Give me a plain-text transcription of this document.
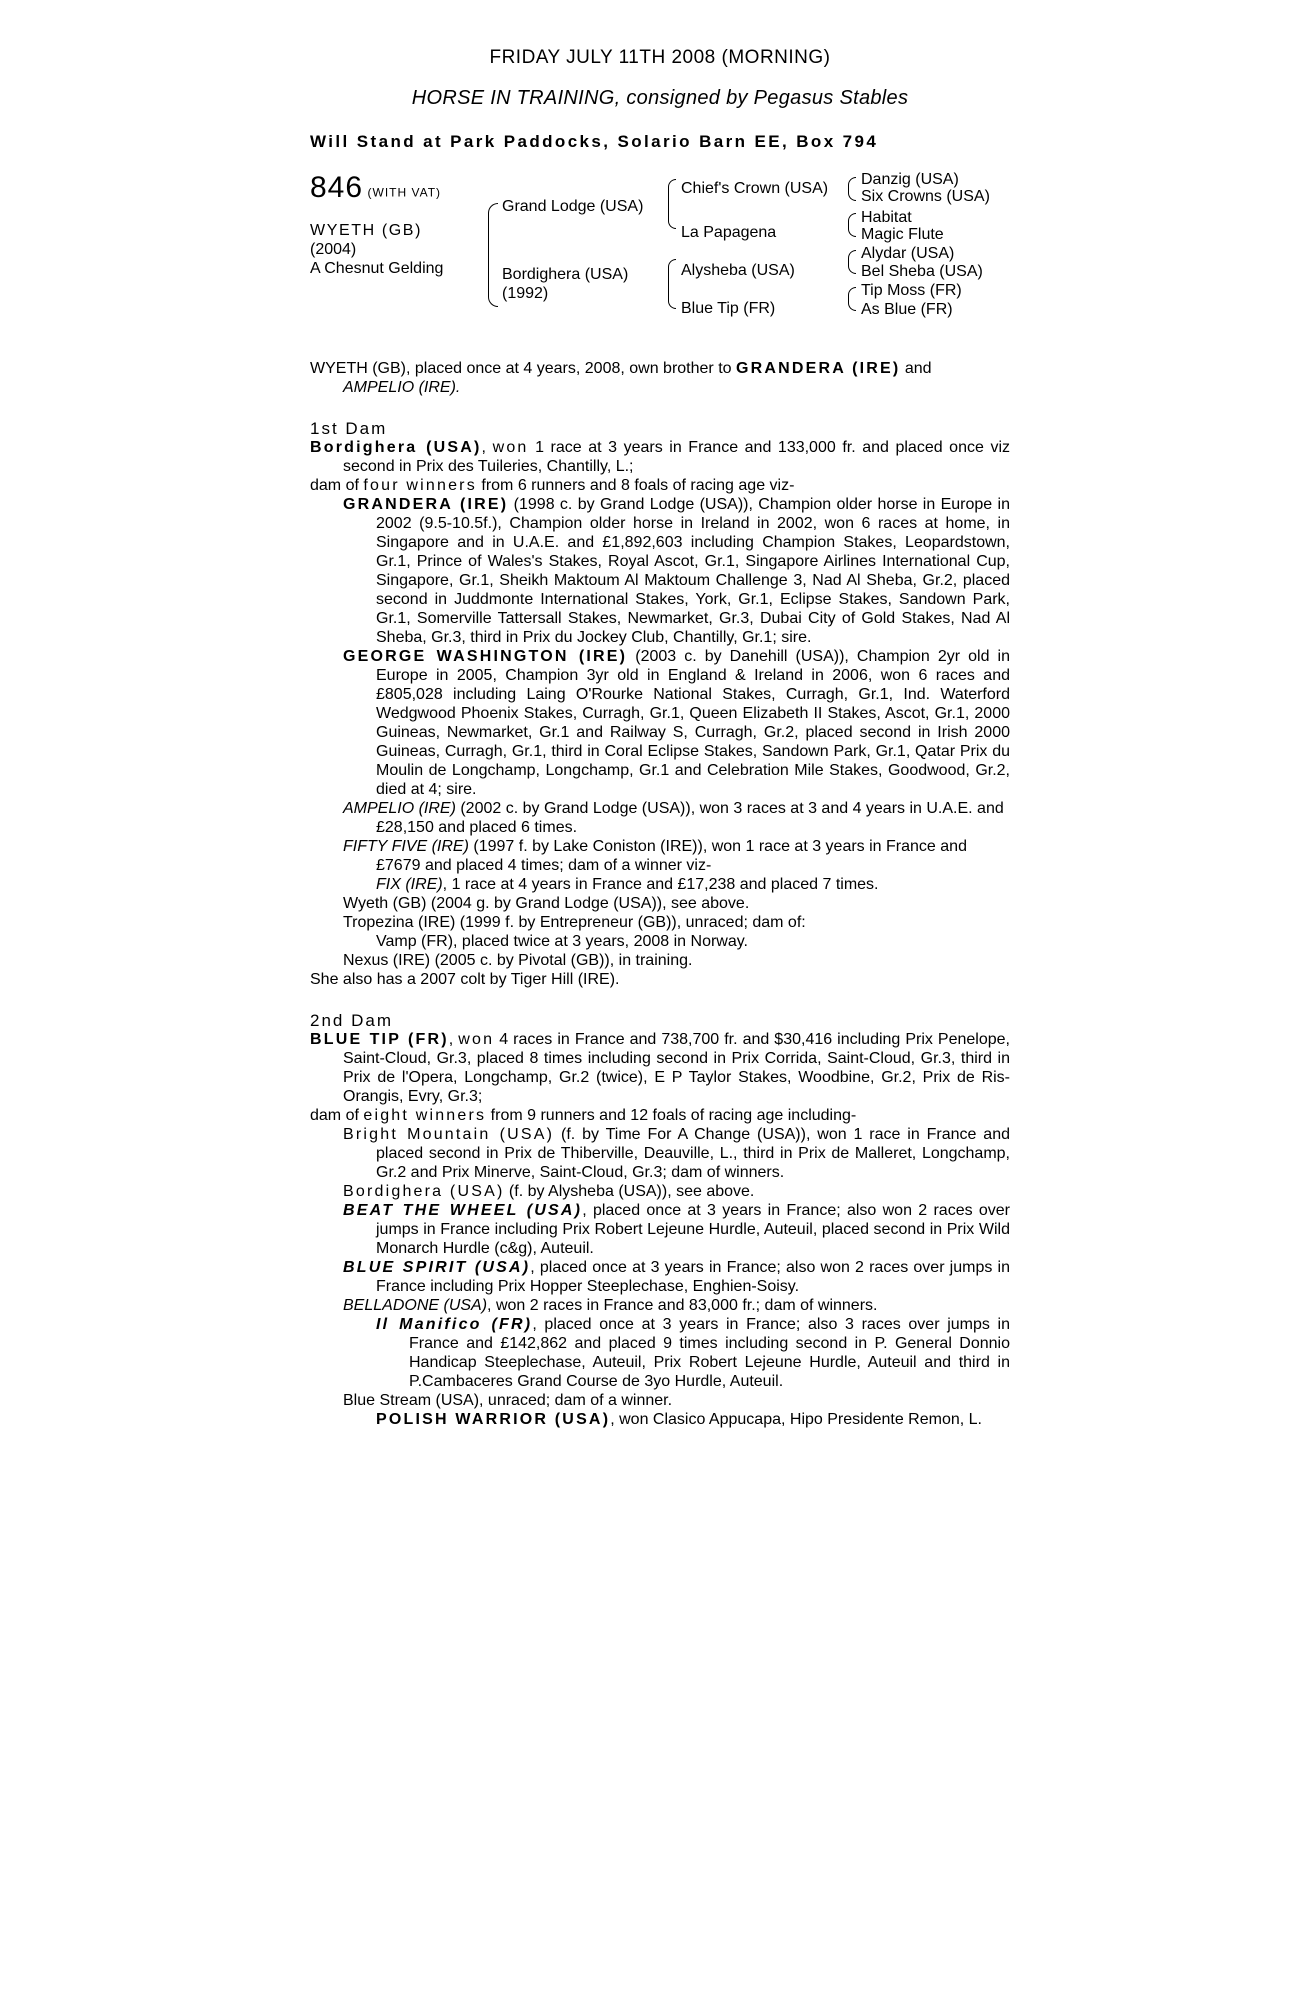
FRIDAY JULY 11TH 2008 (MORNING)
HORSE IN TRAINING, consigned by Pegasus Stables
Will Stand at Park Paddocks, Solario Barn EE, Box 794
846 (WITH VAT)
WYETH (GB)
(2004)
A Chesnut Gelding
Grand Lodge (USA)
Bordighera (USA)
(1992)
Chief's Crown (USA)
La Papagena
Alysheba (USA)
Blue Tip (FR)
Danzig (USA)
Six Crowns (USA)
Habitat
Magic Flute
Alydar (USA)
Bel Sheba (USA)
Tip Moss (FR)
As Blue (FR)
WYETH (GB), placed once at 4 years, 2008, own brother to GRANDERA (IRE) and
AMPELIO (IRE).
1st Dam
Bordighera (USA), won 1 race at 3 years in France and 133,000 fr. and placed once viz second in Prix des Tuileries, Chantilly, L.;
dam of four winners from 6 runners and 8 foals of racing age viz-
GRANDERA (IRE) (1998 c. by Grand Lodge (USA)), Champion older horse in Europe in 2002 (9.5-10.5f.), Champion older horse in Ireland in 2002, won 6 races at home, in Singapore and in U.A.E. and £1,892,603 including Champion Stakes, Leopardstown, Gr.1, Prince of Wales's Stakes, Royal Ascot, Gr.1, Singapore Airlines International Cup, Singapore, Gr.1, Sheikh Maktoum Al Maktoum Challenge 3, Nad Al Sheba, Gr.2, placed second in Juddmonte International Stakes, York, Gr.1, Eclipse Stakes, Sandown Park, Gr.1, Somerville Tattersall Stakes, Newmarket, Gr.3, Dubai City of Gold Stakes, Nad Al Sheba, Gr.3, third in Prix du Jockey Club, Chantilly, Gr.1; sire.
GEORGE WASHINGTON (IRE) (2003 c. by Danehill (USA)), Champion 2yr old in Europe in 2005, Champion 3yr old in England & Ireland in 2006, won 6 races and £805,028 including Laing O'Rourke National Stakes, Curragh, Gr.1, Ind. Waterford Wedgwood Phoenix Stakes, Curragh, Gr.1, Queen Elizabeth II Stakes, Ascot, Gr.1, 2000 Guineas, Newmarket, Gr.1 and Railway S, Curragh, Gr.2, placed second in Irish 2000 Guineas, Curragh, Gr.1, third in Coral Eclipse Stakes, Sandown Park, Gr.1, Qatar Prix du Moulin de Longchamp, Longchamp, Gr.1 and Celebration Mile Stakes, Goodwood, Gr.2, died at 4; sire.
AMPELIO (IRE) (2002 c. by Grand Lodge (USA)), won 3 races at 3 and 4 years in U.A.E. and £28,150 and placed 6 times.
FIFTY FIVE (IRE) (1997 f. by Lake Coniston (IRE)), won 1 race at 3 years in France and £7679 and placed 4 times; dam of a winner viz-
FIX (IRE), 1 race at 4 years in France and £17,238 and placed 7 times.
Wyeth (GB) (2004 g. by Grand Lodge (USA)), see above.
Tropezina (IRE) (1999 f. by Entrepreneur (GB)), unraced; dam of:
Vamp (FR), placed twice at 3 years, 2008 in Norway.
Nexus (IRE) (2005 c. by Pivotal (GB)), in training.
She also has a 2007 colt by Tiger Hill (IRE).
2nd Dam
BLUE TIP (FR), won 4 races in France and 738,700 fr. and $30,416 including Prix Penelope, Saint-Cloud, Gr.3, placed 8 times including second in Prix Corrida, Saint-Cloud, Gr.3, third in Prix de l'Opera, Longchamp, Gr.2 (twice), E P Taylor Stakes, Woodbine, Gr.2, Prix de Ris-Orangis, Evry, Gr.3;
dam of eight winners from 9 runners and 12 foals of racing age including-
Bright Mountain (USA) (f. by Time For A Change (USA)), won 1 race in France and placed second in Prix de Thiberville, Deauville, L., third in Prix de Malleret, Longchamp, Gr.2 and Prix Minerve, Saint-Cloud, Gr.3; dam of winners.
Bordighera (USA) (f. by Alysheba (USA)), see above.
BEAT THE WHEEL (USA), placed once at 3 years in France; also won 2 races over jumps in France including Prix Robert Lejeune Hurdle, Auteuil, placed second in Prix Wild Monarch Hurdle (c&g), Auteuil.
BLUE SPIRIT (USA), placed once at 3 years in France; also won 2 races over jumps in France including Prix Hopper Steeplechase, Enghien-Soisy.
BELLADONE (USA), won 2 races in France and 83,000 fr.; dam of winners.
Il Manifico (FR), placed once at 3 years in France; also 3 races over jumps in France and £142,862 and placed 9 times including second in P. General Donnio Handicap Steeplechase, Auteuil, Prix Robert Lejeune Hurdle, Auteuil and third in P.Cambaceres Grand Course de 3yo Hurdle, Auteuil.
Blue Stream (USA), unraced; dam of a winner.
POLISH WARRIOR (USA), won Clasico Appucapa, Hipo Presidente Remon, L.
